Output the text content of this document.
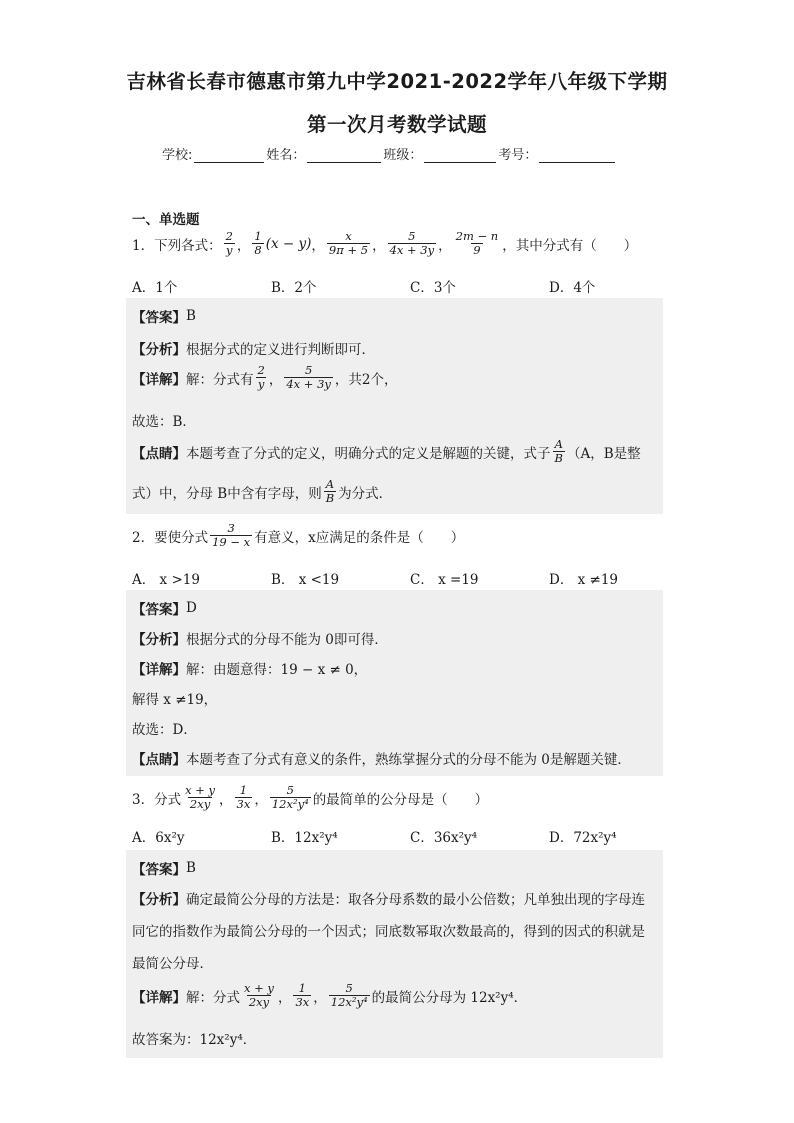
吉林省长春市德惠市第九中学2021-2022学年八年级下学期
第一次月考数学试题
学校:	姓名：	班级：	考号：
一、单选题
1．下列各式： $\frac{2}{y}$ ， $\frac{1}{8} (x - y)$ ， $\frac{x}{9\pi + 5}$ ， $\frac{5}{4x + 3y}$ ， $\frac{2m - n}{9}$ ，其中分式有（　　）
A．1个	B．2个	C．3个	D．4个
【答案】 B
【分析】 根据分式的定义进行判断即可．
【详解】 解：分式有 $\frac{2}{y}$ ， $\frac{5}{4x + 3y}$ ，共2个，
故选：B．
【点睛】 本题考查了分式的定义，明确分式的定义是解题的关键，式子 $\frac{A}{B} (A$，B是整
式）中，分母 B中含有字母，则 $\frac{A}{B}$ 为分式．
2．要使分式 $\frac{3}{19 - x}$ 有意义，x应满足的条件是（　　）
A． x >19	B． x <19	C． x =19	D． x ≠19
【答案】 D
【分析】 根据分式的分母不能为 0即可得．
【详解】 解：由题意得：19 − x ≠ 0，
解得 x ≠19，
故选：D．
【点睛】 本题考查了分式有意义的条件，熟练掌握分式的分母不能为 0是解题关键．
3．分式 $\frac{x + y}{2xy}$ ， $\frac{1}{3x}$ ， $\frac{5}{\text{12x²y⁴}}$ 的最简单的公分母是（　　）
A．6x²y	B．12x²y⁴	C．36x²y⁴	D．72x²y⁴
【答案】 B
【分析】 确定最简公分母的方法是：取各分母系数的最小公倍数；凡单独出现的字母连
同它的指数作为最简公分母的一个因式；同底数幂取次数最高的，得到的因式的积就是
最简公分母．
【详解】 解：分式 $\frac{x + y}{2xy}$ ， $\frac{1}{3x}$ ， $\frac{5}{\text{12x²y⁴}}$ 的最简公分母为 12x²y⁴．
故答案为：12x²y⁴．
